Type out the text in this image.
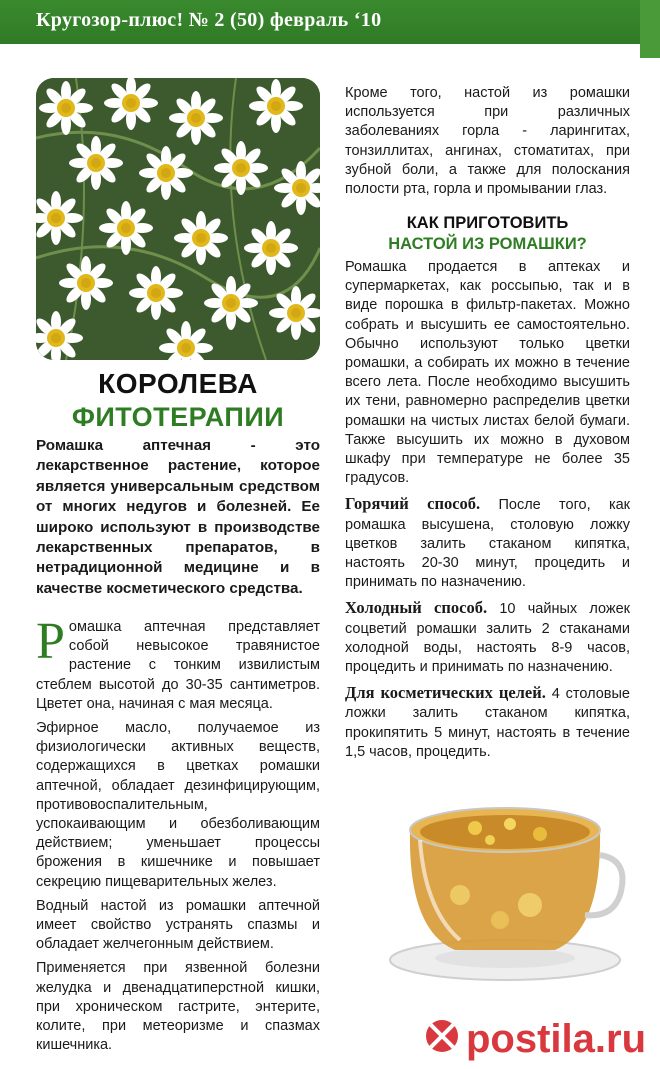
Кругозор-плюс! № 2 (50) февраль ‘10
КОРОЛЕВА
ФИТОТЕРАПИИ

Ромашка аптечная - это лекарственное растение, которое является универсальным средством от многих недугов и болезней. Ее широко используют в производстве лекарственных препаратов, в нетрадиционной медицине и в качестве косметического средства.

Р омашка аптечная представляет собой невысокое травянистое растение с тонким извилистым стеблем высотой до 30-35 сантиметров. Цветет она, начиная с мая месяца.

Эфирное масло, получаемое из физиологически активных веществ, содержащихся в цветках ромашки аптечной, обладает дезинфицирующим, противовоспалительным, успокаивающим и обезболивающим действием; уменьшает процессы брожения в кишечнике и повышает секрецию пищеварительных желез.

Водный настой из ромашки аптечной имеет свойство устранять спазмы и обладает желчегонным действием.

Применяется при язвенной болезни желудка и двенадцатиперстной кишки, при хроническом гастрите, энтерите, колите, при метеоризме и спазмах кишечника.

Кроме того, настой из ромашки используется при различных заболеваниях горла - ларингитах, тонзиллитах, ангинах, стоматитах, при зубной боли, а также для полоскания полости рта, горла и промывании глаз.

КАК ПРИГОТОВИТЬ
НАСТОЙ ИЗ РОМАШКИ?

Ромашка продается в аптеках и супермаркетах, как россыпью, так и в виде порошка в фильтр-пакетах. Можно собрать и высушить ее самостоятельно. Обычно используют только цветки ромашки, а собирать их можно в течение всего лета. После необходимо высушить их тени, равномерно распределив цветки ромашки на чистых листах белой бумаги. Также высушить их можно в духовом шкафу при температуре не более 35 градусов.

Горячий способ. После того, как ромашка высушена, столовую ложку цветков залить стаканом кипятка, настоять 20-30 минут, процедить и принимать по назначению.

Холодный способ. 10 чайных ложек соцветий ромашки залить 2 стаканами холодной воды, настоять 8-9 часов, процедить и принимать по назначению.

Для косметических целей. 4 столовые ложки залить стаканом кипятка, прокипятить 5 минут, настоять в течение 1,5 часов, процедить.

postila.ru
